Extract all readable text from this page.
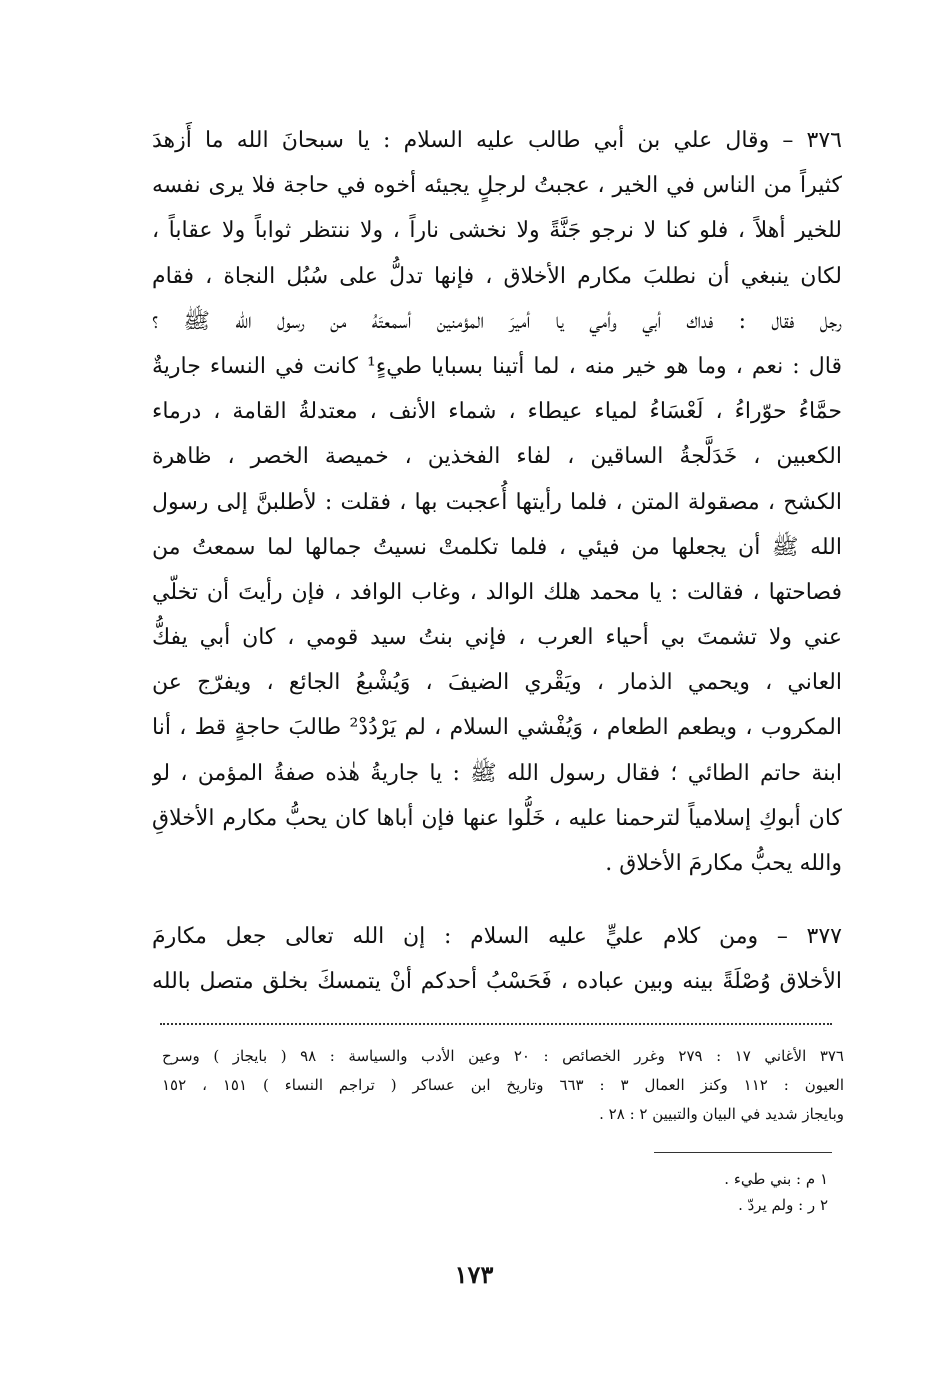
٣٧٦ – وقال علي بن أبي طالب عليه السلام : يا سبحانَ الله ما أَزهدَ
كثيراً من الناس في الخير ، عجبتُ لرجلٍ يجيئه أخوه في حاجة فلا يرى نفسه
للخير أهلاً ، فلو كنا لا نرجو جَنَّةً ولا نخشى ناراً ، ولا ننتظر ثواباً ولا عقاباً ،
لكان ينبغي أن نطلبَ مكارم الأخلاق ، فإنها تدلُّ على سُبُل النجاة ، فقام
رجل فقال : فداك أبي وأمي يا أميرَ المؤمنين أسمعتَهُ من رسول الله ﷺ ؟
قال : نعم ، وما هو خير منه ، لما أتينا بسبايا طيءٍ¹ كانت في النساء جاريةٌ
حمَّاءُ حوّراءُ ، لَعْسَاءُ لمياء عيطاء ، شماء الأنف ، معتدلةُ القامة ، درماء
الكعبين ، خَدَلَّجةُ الساقين ، لفاء الفخذين ، خميصة الخصر ، ظاهرة
الكشح ، مصقولة المتن ، فلما رأيتها أُعجبت بها ، فقلت : لأطلبنَّ إلى رسول
الله ﷺ أن يجعلها من فيئي ، فلما تكلمتْ نسيتُ جمالها لما سمعتُ من
فصاحتها ، فقالت : يا محمد هلك الوالد ، وغاب الوافد ، فإن رأيتَ أن تخلّي
عني ولا تشمتَ بي أحياء العرب ، فإني بنتُ سيد قومي ، كان أبي يفكُّ
العاني ، ويحمي الذمار ، ويَقْري الضيفَ ، وَيُشْبعُ الجائع ، ويفرّج عن
المكروب ، ويطعم الطعام ، وَيُفْشي السلام ، لم يَرْدُدْ² طالبَ حاجةٍ قط ، أنا
ابنة حاتم الطائي ؛ فقال رسول الله ﷺ : يا جاريةُ هٰذه صفةُ المؤمن ، لو
كان أبوكِ إسلامياً لترحمنا عليه ، خَلُّوا عنها فإن أباها كان يحبُّ مكارم الأخلاقِ
والله يحبُّ مكارمَ الأخلاق .
٣٧٧ – ومن كلام عليٍّ عليه السلام : إن الله تعالى جعل مكارمَ
الأخلاق وُصْلَةً بينه وبين عباده ، فَحَسْبُ أحدكم أنْ يتمسكَ بخلق متصل بالله
٣٧٦ الأغاني ١٧ : ٢٧٩ وغرر الخصائص : ٢٠ وعين الأدب والسياسة : ٩٨ ( بايجاز ) وسرح
العيون : ١١٢ وكنز العمال ٣ : ٦٦٣ وتاريخ ابن عساكر ( تراجم النساء ) ١٥١ ، ١٥٢
وبايجاز شديد في البيان والتبيين ٢ : ٢٨ .
١ م : بني طيء .
٢ ر : ولم يردّ .
١٧٣
